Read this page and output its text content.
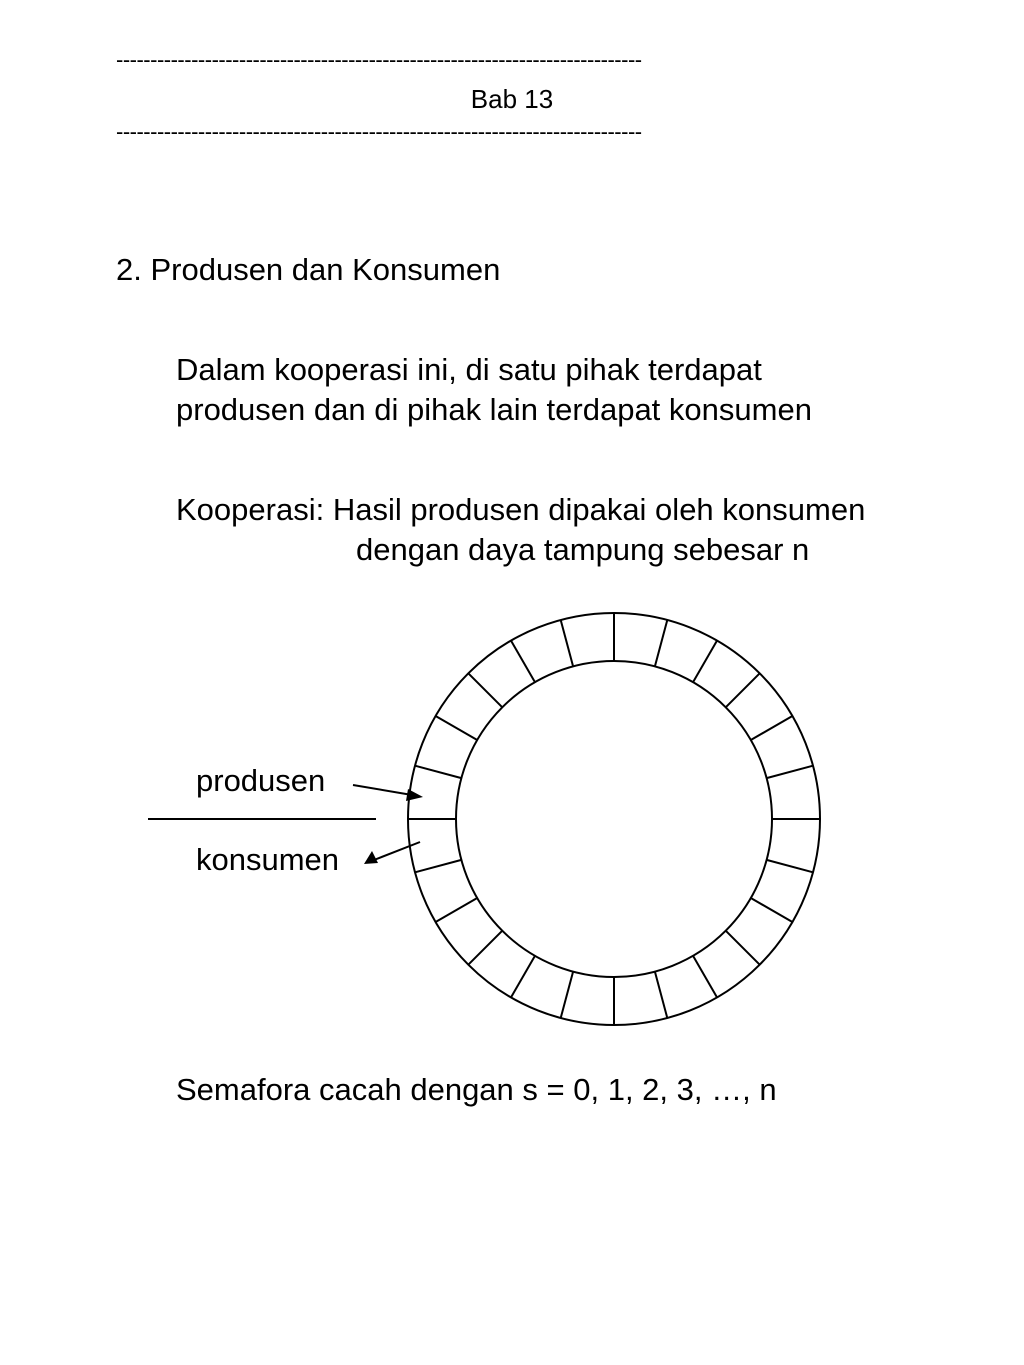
-----------------------------------------------------------------------------
Bab 13
-----------------------------------------------------------------------------
2. Produsen dan Konsumen
Dalam kooperasi ini, di satu pihak terdapat
produsen dan di pihak lain terdapat konsumen
Kooperasi: Hasil produsen dipakai oleh konsumen
dengan daya tampung sebesar n
produsen
konsumen
Semafora cacah dengan s = 0, 1, 2, 3, …, n
